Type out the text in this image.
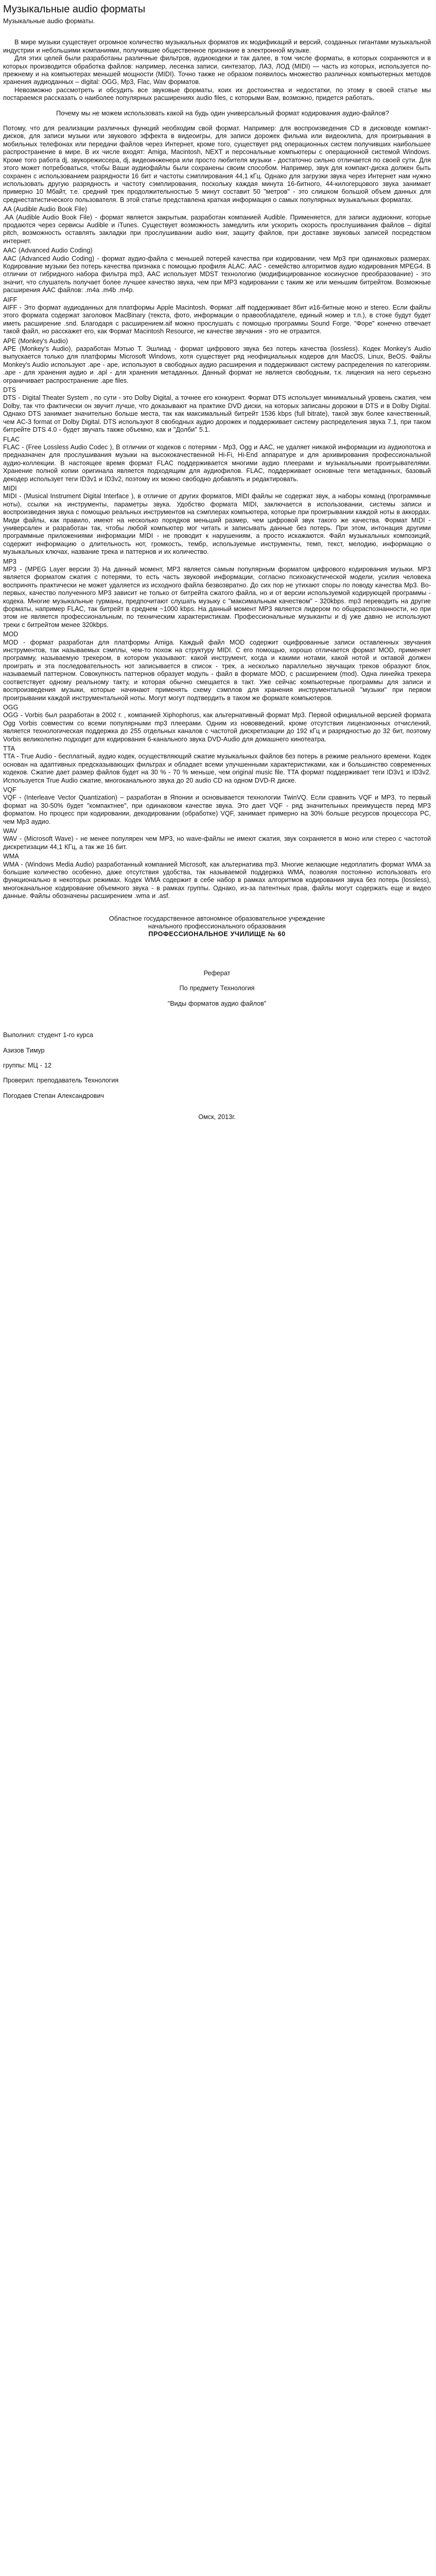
Музыкальные audio форматы

Музыкальные audio форматы.

В мире музыки существует огромное количество музыкальных форматов их модификаций и версий, созданных гигантами музыкальной индустрии и небольшими компаниями, получившие общественное признание в электронной музыке.

Для этих целей были разработаны различные фильтров, аудиокодеки и так далее, в том числе форматы, в которых сохраняются и в которых производится обработка файлов: например, лесенка записи, синтезатор, ЛАЗ, ЛОД (MIDI) — часть из которых, используется по-прежнему и на компьютерах меньшей мощности (MIDI). Точно также не образом появилось множество различных компьютерных методов хранения аудиоданных – digital: OGG, Mp3, Flac, Wav форматов.

Невозможно рассмотреть и обсудить все звуковые форматы, коих их достоинства и недостатки, по этому в своей статье мы постараемся рассказать о наиболее популярных расширениях audio files, с которыми Вам, возможно, придется работать.

Почему мы не можем использовать какой на будь один универсальный формат кодирования аудио-файлов?

Потому, что для реализации различных функций необходим свой формат. Например: для воспроизведения CD в дисководе компакт-дисков, для записи музыки или звукового эффекта в видеоигры, для записи дорожек фильма или видеоклипа, для проигрывания в мобильных телефонах или передачи файлов через Интернет, кроме того, существует ряд операционных систем получивших наибольшее распространение в мире. В их числе входят: Amiga, Macintosh, NEXT и персональные компьютеры с операционной системой Windows. Кроме того работа dj, звукорежиссера, dj, видеоинженера или просто любителя музыки - достаточно сильно отличается по своей сути. Для этого может потребоваться, чтобы Ваши аудиофайлы были сохранены своим способом. Например, звук для компакт-диска должен быть сохранен с использованием разрядности 16 бит и частоты сэмплирования 44,1 кГц. Однако для загрузки звука через Интернет нам нужно использовать другую разрядность и частоту сэмплирования, поскольку каждая минута 16-битного, 44-килогерцового звука занимает примерно 10 Мбайт, т.е. средний трек продолжительностью 5 минут составит 50 "метров" - это слишком большой объем данных для среднестатистического пользователя. В этой статье представлена краткая информация о самых популярных музыкальных форматах.

AA (Audible Audio Book File)

.AA (Audible Audio Book File) - формат является закрытым, разработан компанией Audible. Применяется, для записи аудиокниг, которые продаются через сервисы Audible и iTunes. Существует возможность замедлить или ускорить скорость прослушивания файлов – digital pitch, возможность оставлять закладки при прослушивании audio книг, защиту файлов, при доставке звуковых записей посредством интернет.

AAC (Advanced Audio Coding)

AAC (Advanced Audio Coding) - формат аудио-файла с меньшей потерей качества при кодировании, чем Mp3 при одинаковых размерах. Кодирование музыки без потерь качества признака с помощью профиля ALAC. AAC - семейство алгоритмов аудио кодирования MPEG4. В отличии от гибридного набора фильтра mp3, AAC использует MDST технологию (модифицированное косинусное преобразование) - это значит, что слушатель получает более лучшее качество звука, чем при MP3 кодировании с таким же или меньшим битрейтом. Возможные расширения AAC файлов: .m4a .m4b .m4p.

AIFF

AIFF - Это формат аудиоданных для платформы Apple Macintosh. Формат .aiff поддерживает 8бит и16-битные моно и stereo. Если файлы этого формата содержат заголовок MacBinary (текста, фото, информации о правообладателе, единый номер и т.п.), в стоке будут будет иметь расширение .snd. Благодаря с расширением.aif можно прослушать с помощью программы Sound Forge. "Форе" конечно отвечает такой файл, но расскажет его, как Формат Macintosh Resource, не качестве звучания - это не отразится.

APE (Monkey's Audio)

APE (Monkey's Audio), разработан Мэтью Т. Эшлиад - формат цифрового звука без потерь качества (lossless). Кодек Monkey's Audio выпускается только для платформы Microsoft Windows, хотя существует ряд неофициальных кодеров для MacOS, Linux, BeOS. Файлы Monkey's Audio используют .ape - ape, используют в свободных аудио расширения и поддерживают систему распределения по категориям. .ape - для хранения аудио и .apl - для хранения метаданных. Данный формат не является свободным, т.к. лицензия на него серьезно ограничивает распространение .ape files.

DTS

DTS - Digital Theater System , по сути - это Dolby Digital, а точнее его конкурент. Формат DTS использует минимальный уровень сжатия, чем Dolby, так что фактически он звучит лучше, что доказывают на практике DVD диски, на которых записаны дорожки в DTS и в Dolby Digital. Однако DTS занимает значительно больше места, так как максимальный битрейт 1536 kbps (full bitrate), такой звук более качественный, чем AC-3 format от Dolby Digital. DTS используют 8 свободных аудио дорожек и поддерживает систему распределения звука 7.1, при таком битрейте DTS 4.0 - будет звучать также объемно, как и "Долби" 5.1.

FLAC

FLAC - (Free Lossless Audio Codec ), В отличии от кодеков с потерями - Mp3, Ogg и AAC, не удаляет никакой информации из аудиопотока и предназначен для прослушивания музыки на высококачественной Hi-Fi, Hi-End аппаратуре и для архивирования профессиональной аудио-коллекции. В настоящее время формат FLAC поддерживается многими аудио плеерами и музыкальными проигрывателями. Хранение полной копии оригинала является подходящим для аудиофилов. FLAC, поддерживает основные теги метаданных, базовый декодер использует теги ID3v1 и ID3v2, поэтому их можно свободно добавлять и редактировать.

MIDI

MIDI - (Musical Instrument Digital Interface ), в отличие от других форматов, MIDI файлы не содержат звук, а наборы команд (программные ноты), ссылки на инструменты, параметры звука. Удобство формата MIDI, заключается в использовании, системы записи и воспроизведения звука с помощью реальных инструментов на сэмплерах компьютера, которые при проигрывании каждой ноты в аккордах. Миди файлы, как правило, имеют на несколько порядков меньший размер, чем цифровой звук такого же качества. Формат MIDI - универсален и разработан так, чтобы любой компьютер мог читать и записывать данные без потерь. При этом, интонация другими программные приложениями информации MIDI - не проводит к нарушениям, а просто искажаются. Файл музыкальных композиций, содержит информацию о длительность нот, громкость, тембр, используемые инструменты, темп, текст, мелодию, информацию о музыкальных ключах, название трека и паттернов и их количество.

MP3

MP3 - (MPEG Layer версии 3) На данный момент, MP3 является самым популярным форматом цифрового кодирования музыки. MP3 является форматом сжатия с потерями, то есть часть звуковой информации, согласно психоакустической модели, усилия человека воспринять практически не может удаляется из исходного файла безвозвратно. До сих пор не утихают споры по поводу качества Mp3. Во-первых, качество полученного MP3 зависит не только от битрейта сжатого файла, но и от версии используемой кодирующей программы - кодека. Многие музыкальные гурманы, предпочитают слушать музыку с "максимальным качеством" - 320kbps. mp3 переводить на другие форматы, например FLAC, так битрейт в среднем ~1000 kbps. На данный момент MP3 является лидером по общераспознанности, но при этом не является профессиональным, по техническим характеристикам. Профессиональные музыканты и dj уже давно не используют треки с битрейтом менее 320kbps.

MOD

MOD - формат разработан для платформы Amiga. Каждый файл MOD содержит оцифрованные записи оставленных звучания инструментов, так называемых сэмплы, чем-то похож на структуру MIDI. С его помощью, хорошо отличается формат MOD, применяет программу, называемую трекером, в котором указывают: какой инструмент, когда и какими нотами, какой нотой и октавой должен проиграть и эта последовательность нот записывается в список - трек, а несколько параллельно звучащих треков образуют блок, называемый паттерном. Совокупность паттернов образует модуль - файл в формате MOD, с расширением (mod). Одна линейка трекера соответствует одному реальному такту, и которая обычно смещается в такт. Уже сейчас компьютерные программы для записи и воспроизведения музыки, которые начинают применять схему сэмплов для хранения инструментальной "музыки" при первом проигрывании каждой инструментальной ноты. Могут могут подтвердить в таком же формате компьютеров.

OGG

OGG - Vorbis был разработан в 2002 г. , компанией Xiphophorus, как альтернативный формат Mp3. Первой официальной версией формата Ogg Vorbis совместим со всеми популярными mp3 плеерами. Одним из нововведений, кроме отсутствия лицензионных отчислений, является технологическая поддержка до 255 отдельных каналов с частотой дискретизации до 192 кГц и разрядностью до 32 бит, поэтому Vorbis великолепно подходит для кодирования 6-канального звука DVD-Audio для домашнего кинотеатра.

TTA

TTA - True Audio - бесплатный, аудио кодек, осуществляющий сжатие музыкальных файлов без потерь в режиме реального времени. Кодек основан на адаптивных предсказывающих фильтрах и обладает всеми улучшенными характеристиками, как и большинство современных кодеков. Сжатие дает размер файлов будет на 30 % - 70 % меньше, чем original music file. TTA формат поддерживает теги ID3v1 и ID3v2. Используется True Audio сжатие, многоканального звука до 20 audio CD на одном DVD-R диске.

VQF

VQF - (Interleave Vector Quantization) – разработан в Японии и основывается технологии TwinVQ. Если сравнить VQF и MP3, то первый формат на 30-50% будет "компактнее", при одинаковом качестве звука. Это дает VQF - ряд значительных преимуществ перед MP3 форматом. Но процесс при кодировании, декодировании (обработке) VQF, занимает примерно на 30% больше ресурсов процессора PC, чем Mp3 аудио.

WAV

WAV - (Microsoft Wave) - не менее популярен чем MP3, но wave-файлы не имеют сжатия, звук сохраняется в моно или стерео с частотой дискретизации 44,1 КГц, а так же 16 бит.

WMA

WMA - (Windows Media Audio) разработанный компанией Microsoft, как альтернатива mp3. Многие желающие недоплатить формат WMA за большие количество особенно, даже отсутствия удобства, так называемой поддержка WMA, позволяя постоянно использовать его функционально в некоторых режимах. Кодек WMA содержит в себе набор в рамках алгоритмов кодирования звука без потерь (lossless), многоканальное кодирование объемного звука - в рамках группы. Однако, из-за патентных прав, файлы могут содержать еще и видео данные. Файлы обозначены расширением .wma и .asf.

Областное государственное автономное образовательное учреждение

начального профессионального образования

ПРОФЕССИОНАЛЬНОЕ УЧИЛИЩЕ № 60

Реферат

По предмету Технология

"Виды форматов аудио файлов"

Выполнил: студент 1-го курса

Азизов Тимур

группы: МЦ - 12

Проверил: преподаватель Технология

Погодаев Степан Александрович

Омск, 2013г.
